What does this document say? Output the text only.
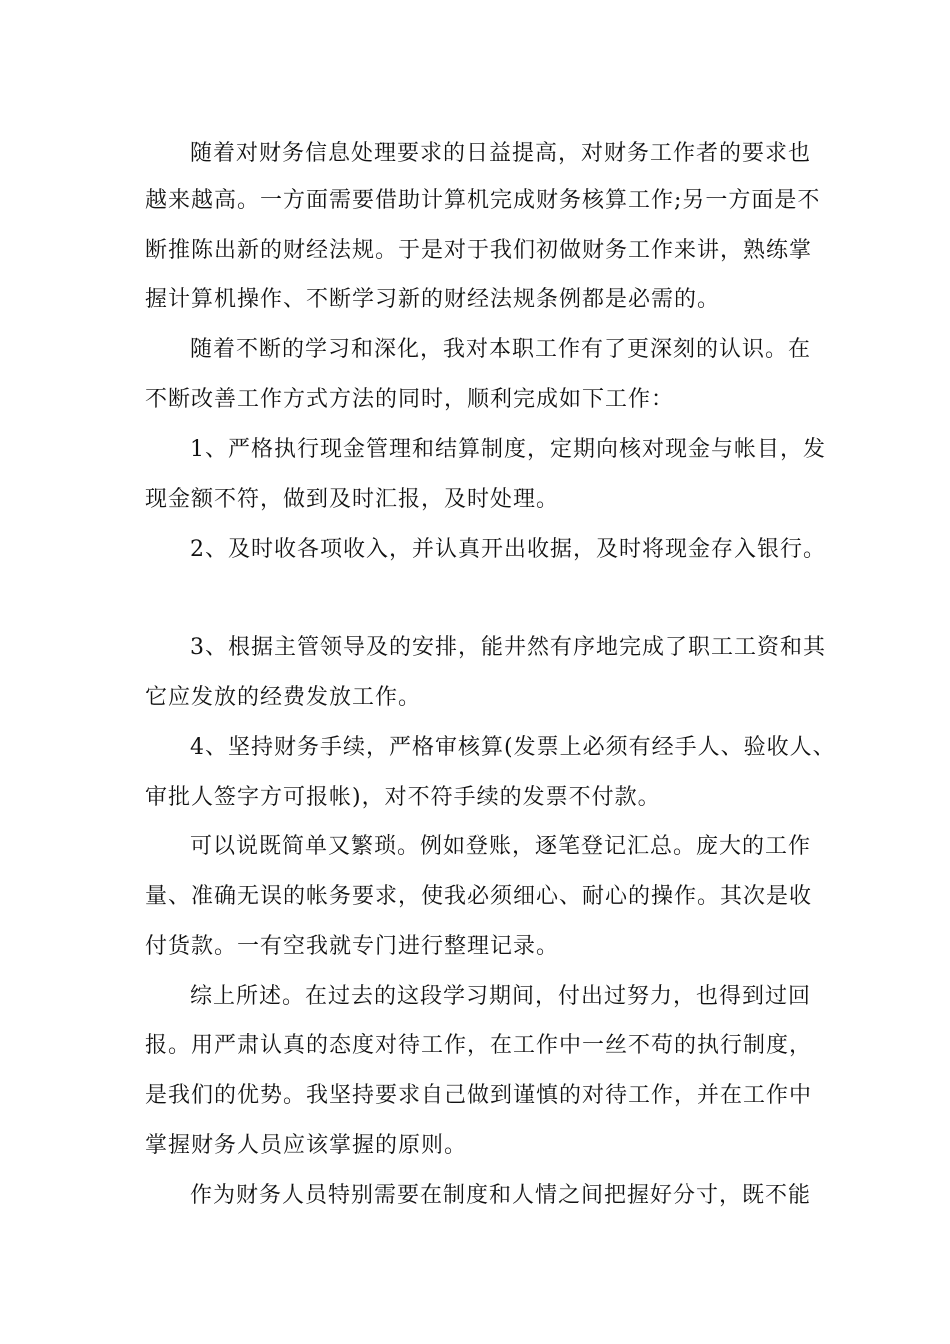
随着对财务信息处理要求的日益提高，对财务工作者的要求也

越来越高。一方面需要借助计算机完成财务核算工作;另一方面是不

断推陈出新的财经法规。于是对于我们初做财务工作来讲，熟练掌

握计算机操作、不断学习新的财经法规条例都是必需的。

随着不断的学习和深化，我对本职工作有了更深刻的认识。在

不断改善工作方式方法的同时，顺利完成如下工作：

1、严格执行现金管理和结算制度，定期向核对现金与帐目，发

现金额不符，做到及时汇报，及时处理。

2、及时收各项收入，并认真开出收据，及时将现金存入银行。

3、根据主管领导及的安排，能井然有序地完成了职工工资和其

它应发放的经费发放工作。

4、坚持财务手续，严格审核算(发票上必须有经手人、验收人、

审批人签字方可报帐)，对不符手续的发票不付款。

可以说既简单又繁琐。例如登账，逐笔登记汇总。庞大的工作

量、准确无误的帐务要求，使我必须细心、耐心的操作。其次是收

付货款。一有空我就专门进行整理记录。

综上所述。在过去的这段学习期间，付出过努力，也得到过回

报。用严肃认真的态度对待工作，在工作中一丝不苟的执行制度，

是我们的优势。我坚持要求自己做到谨慎的对待工作，并在工作中

掌握财务人员应该掌握的原则。

作为财务人员特别需要在制度和人情之间把握好分寸，既不能
